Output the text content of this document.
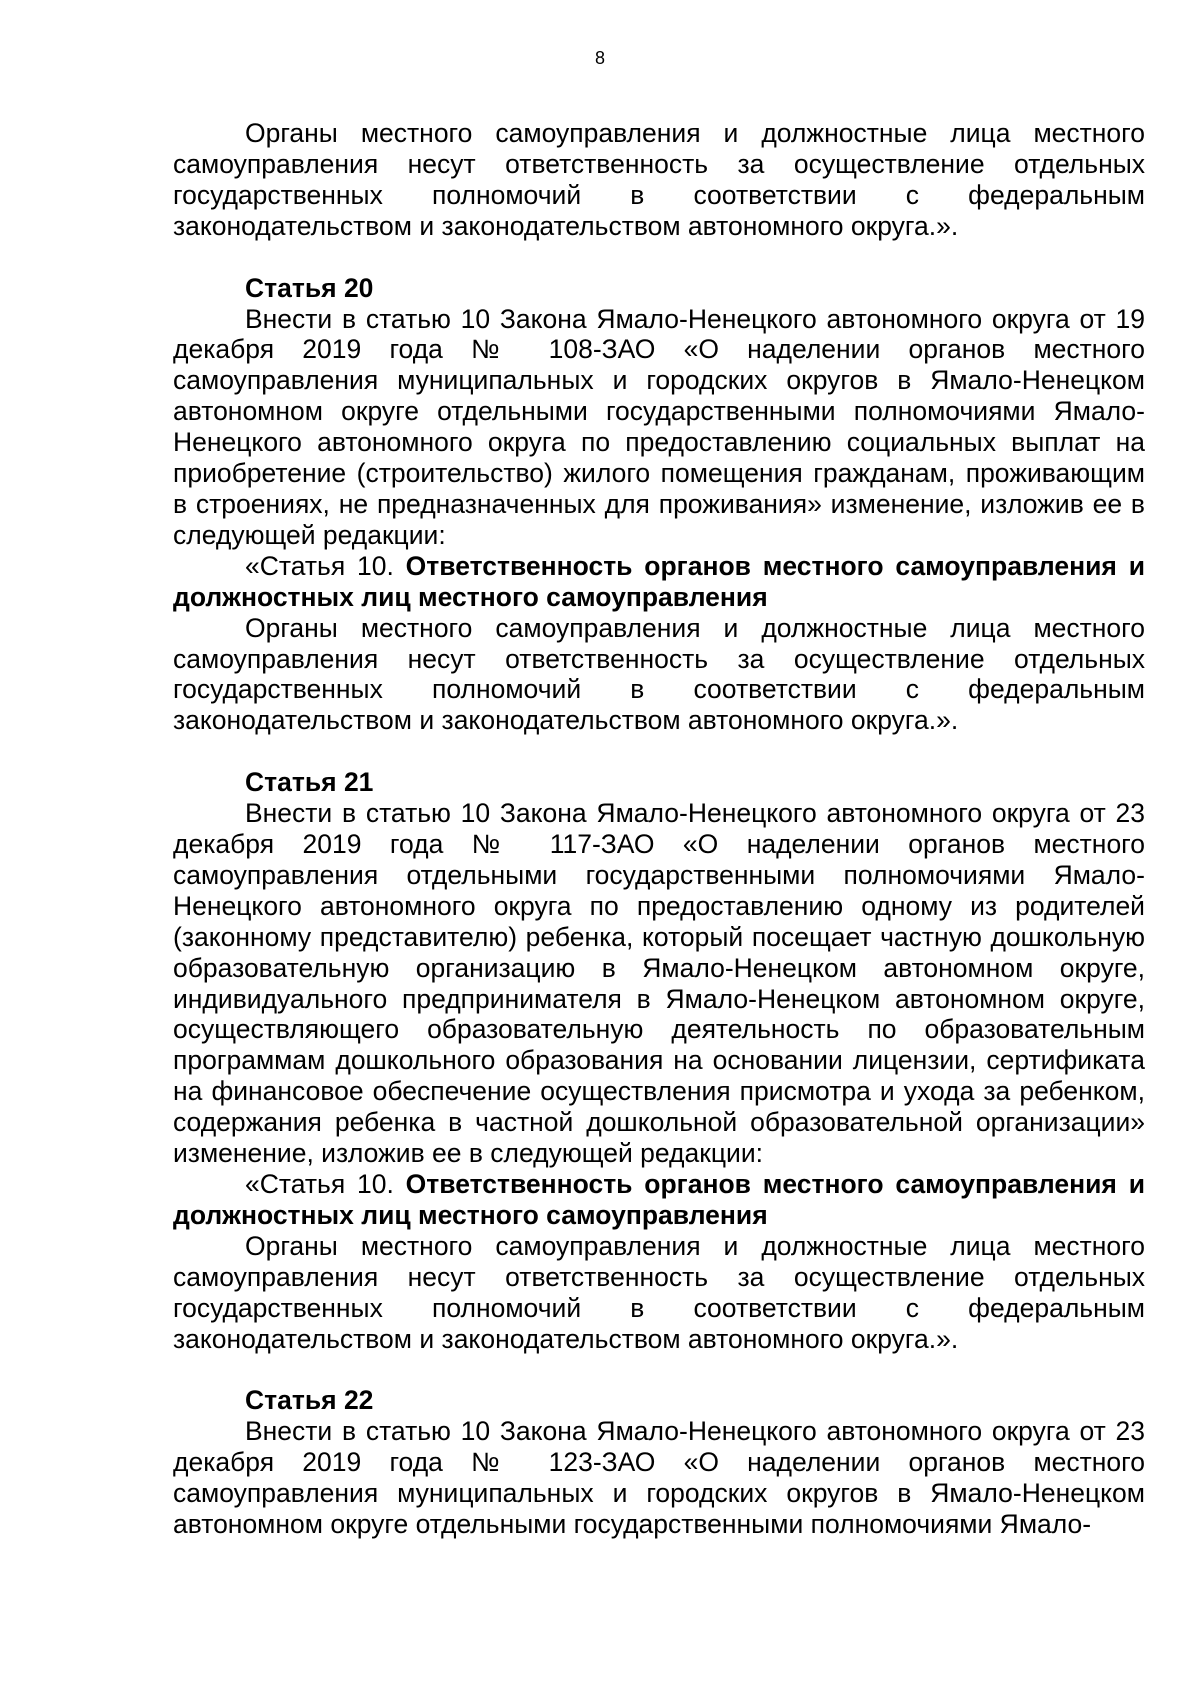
8

Органы местного самоуправления и должностные лица местного самоуправления несут ответственность за осуществление отдельных государственных полномочий в соответствии с федеральным законодательством и законодательством автономного округа.».

Статья 20

Внести в статью 10 Закона Ямало-Ненецкого автономного округа от 19 декабря 2019 года № 108-ЗАО «О наделении органов местного самоуправления муниципальных и городских округов в Ямало-Ненецком автономном округе отдельными государственными полномочиями Ямало-Ненецкого автономного округа по предоставлению социальных выплат на приобретение (строительство) жилого помещения гражданам, проживающим в строениях, не предназначенных для проживания» изменение, изложив ее в следующей редакции:

«Статья 10. Ответственность органов местного самоуправления и должностных лиц местного самоуправления

Органы местного самоуправления и должностные лица местного самоуправления несут ответственность за осуществление отдельных государственных полномочий в соответствии с федеральным законодательством и законодательством автономного округа.».

Статья 21

Внести в статью 10 Закона Ямало-Ненецкого автономного округа от 23 декабря 2019 года № 117-ЗАО «О наделении органов местного самоуправления отдельными государственными полномочиями Ямало-Ненецкого автономного округа по предоставлению одному из родителей (законному представителю) ребенка, который посещает частную дошкольную образовательную организацию в Ямало-Ненецком автономном округе, индивидуального предпринимателя в Ямало-Ненецком автономном округе, осуществляющего образовательную деятельность по образовательным программам дошкольного образования на основании лицензии, сертификата на финансовое обеспечение осуществления присмотра и ухода за ребенком, содержания ребенка в частной дошкольной образовательной организации» изменение, изложив ее в следующей редакции:

«Статья 10. Ответственность органов местного самоуправления и должностных лиц местного самоуправления

Органы местного самоуправления и должностные лица местного самоуправления несут ответственность за осуществление отдельных государственных полномочий в соответствии с федеральным законодательством и законодательством автономного округа.».

Статья 22

Внести в статью 10 Закона Ямало-Ненецкого автономного округа от 23 декабря 2019 года № 123-ЗАО «О наделении органов местного самоуправления муниципальных и городских округов в Ямало-Ненецком автономном округе отдельными государственными полномочиями Ямало-
